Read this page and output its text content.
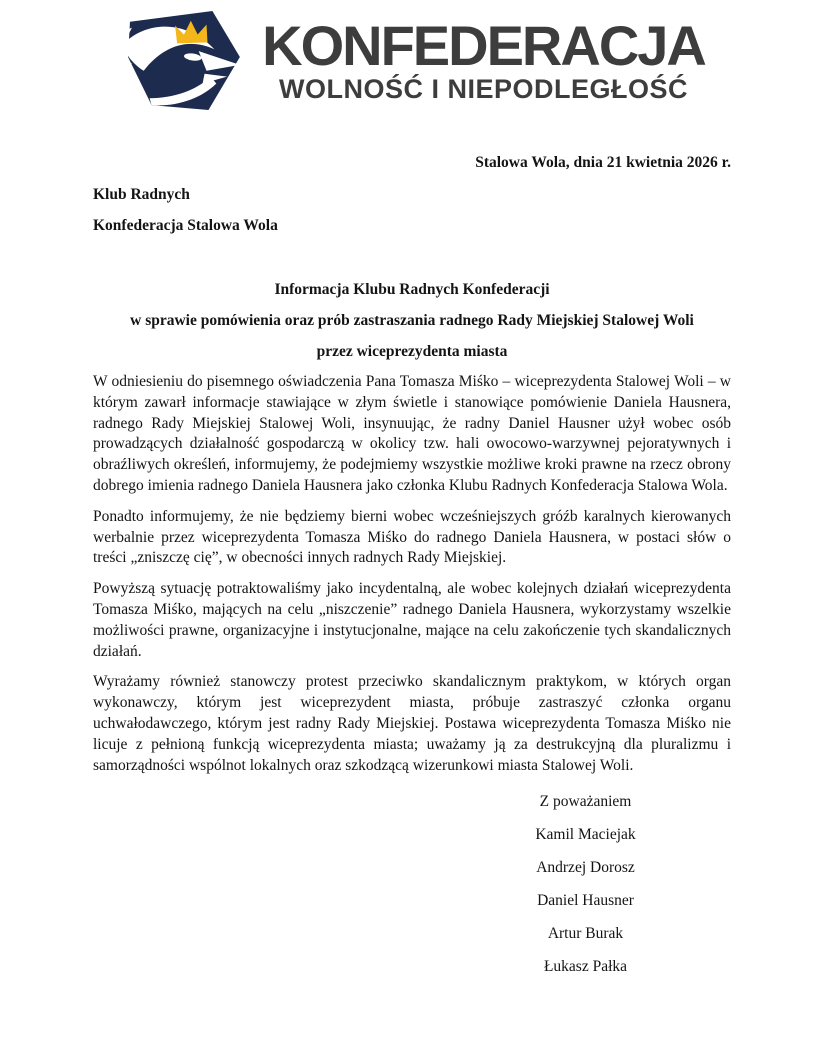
KONFEDERACJA
WOLNOŚĆ I NIEPODLEGŁOŚĆ
Stalowa Wola, dnia 21 kwietnia 2026 r.
Klub Radnych
Konfederacja Stalowa Wola
Informacja Klubu Radnych Konfederacji
w sprawie pomówienia oraz prób zastraszania radnego Rady Miejskiej Stalowej Woli
przez wiceprezydenta miasta

W odniesieniu do pisemnego oświadczenia Pana Tomasza Miśko – wiceprezydenta Stalowej Woli – w którym zawarł informacje stawiające w złym świetle i stanowiące pomówienie Daniela Hausnera, radnego Rady Miejskiej Stalowej Woli, insynuując, że radny Daniel Hausner użył wobec osób prowadzących działalność gospodarczą w okolicy tzw. hali owocowo-warzywnej pejoratywnych i obraźliwych określeń, informujemy, że podejmiemy wszystkie możliwe kroki prawne na rzecz obrony dobrego imienia radnego Daniela Hausnera jako członka Klubu Radnych Konfederacja Stalowa Wola.

Ponadto informujemy, że nie będziemy bierni wobec wcześniejszych gróźb karalnych kierowanych werbalnie przez wiceprezydenta Tomasza Miśko do radnego Daniela Hausnera, w postaci słów o treści „zniszczę cię”, w obecności innych radnych Rady Miejskiej.

Powyższą sytuację potraktowaliśmy jako incydentalną, ale wobec kolejnych działań wiceprezydenta Tomasza Miśko, mających na celu „niszczenie” radnego Daniela Hausnera, wykorzystamy wszelkie możliwości prawne, organizacyjne i instytucjonalne, mające na celu zakończenie tych skandalicznych działań.

Wyrażamy również stanowczy protest przeciwko skandalicznym praktykom, w których organ wykonawczy, którym jest wiceprezydent miasta, próbuje zastraszyć członka organu uchwałodawczego, którym jest radny Rady Miejskiej. Postawa wiceprezydenta Tomasza Miśko nie licuje z pełnioną funkcją wiceprezydenta miasta; uważamy ją za destrukcyjną dla pluralizmu i samorządności wspólnot lokalnych oraz szkodzącą wizerunkowi miasta Stalowej Woli.

Z poważaniem
Kamil Maciejak
Andrzej Dorosz
Daniel Hausner
Artur Burak
Łukasz Pałka
